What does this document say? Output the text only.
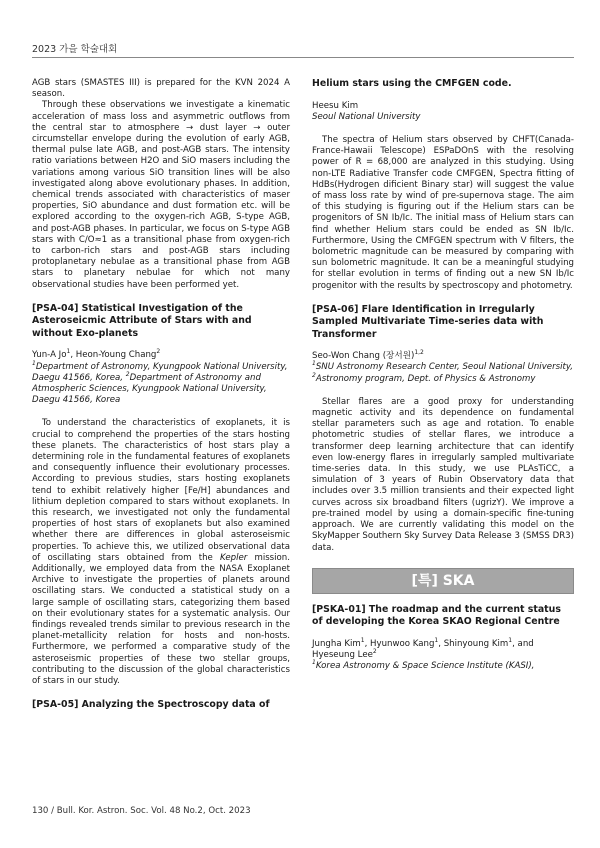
2023 가을 학술대회

AGB stars (SMASTES III) is prepared for the KVN 2024 A season.

Through these observations we investigate a kinematic acceleration of mass loss and asymmetric outflows from the central star to atmosphere → dust layer → outer circumstellar envelope during the evolution of early AGB, thermal pulse late AGB, and post-AGB stars. The intensity ratio variations between H2O and SiO masers including the variations among various SiO transition lines will be also investigated along above evolutionary phases. In addition, chemical trends associated with characteristics of maser properties, SiO abundance and dust formation etc. will be explored according to the oxygen-rich AGB, S-type AGB, and post-AGB phases. In particular, we focus on S-type AGB stars with C/O≈1 as a transitional phase from oxygen-rich to carbon-rich stars and post-AGB stars including protoplanetary nebulae as a transitional phase from AGB stars to planetary nebulae for which not many observational studies have been performed yet.

[PSA-04] Statistical Investigation of the Asteroseicmic Attribute of Stars with and without Exo-planets

Yun-A Jo$^1$, Heon-Young Chang$^2$

$^1$Department of Astronomy, Kyungpook National University, Daegu 41566, Korea, $^2$Department of Astronomy and Atmospheric Sciences, Kyungpook National University, Daegu 41566, Korea

To understand the characteristics of exoplanets, it is crucial to comprehend the properties of the stars hosting these planets. The characteristics of host stars play a determining role in the fundamental features of exoplanets and consequently influence their evolutionary processes. According to previous studies, stars hosting exoplanets tend to exhibit relatively higher [Fe/H] abundances and lithium depletion compared to stars without exoplanets. In this research, we investigated not only the fundamental properties of host stars of exoplanets but also examined whether there are differences in global asteroseismic properties. To achieve this, we utilized observational data of oscillating stars obtained from the Kepler mission. Additionally, we employed data from the NASA Exoplanet Archive to investigate the properties of planets around oscillating stars. We conducted a statistical study on a large sample of oscillating stars, categorizing them based on their evolutionary states for a systematic analysis. Our findings revealed trends similar to previous research in the planet-metallicity relation for hosts and non-hosts. Furthermore, we performed a comparative study of the asteroseismic properties of these two stellar groups, contributing to the discussion of the global characteristics of stars in our study.

[PSA-05] Analyzing the Spectroscopy data of

Helium stars using the CMFGEN code.

Heesu Kim

Seoul National University

The spectra of Helium stars observed by CHFT(Canada-France-Hawaii Telescope) ESPaDOnS with the resolving power of R = 68,000 are analyzed in this studying. Using non-LTE Radiative Transfer code CMFGEN, Spectra fitting of HdBs(Hydrogen dificient Binary star) will suggest the value of mass loss rate by wind of pre-supernova stage. The aim of this studying is figuring out if the Helium stars can be progenitors of SN Ib/Ic. The initial mass of Helium stars can find whether Helium stars could be ended as SN Ib/Ic. Furthermore, Using the CMFGEN spectrum with V filters, the bolometric magnitude can be measured by comparing with sun bolometric magnitude. It can be a meaningful studying for stellar evolution in terms of finding out a new SN Ib/Ic progenitor with the results by spectroscopy and photometry.

[PSA-06] Flare Identification in Irregularly Sampled Multivariate Time-series data with Transformer

Seo-Won Chang (장서원)$^{1,2}$

$^1$SNU Astronomy Research Center, Seoul National University, $^2$Astronomy program, Dept. of Physics & Astronomy

Stellar flares are a good proxy for understanding magnetic activity and its dependence on fundamental stellar parameters such as age and rotation. To enable photometric studies of stellar flares, we introduce a transformer deep learning architecture that can identify even low-energy flares in irregularly sampled multivariate time-series data. In this study, we use PLAsTiCC, a simulation of 3 years of Rubin Observatory data that includes over 3.5 million transients and their expected light curves across six broadband filters (ugrizY). We improve a pre-trained model by using a domain-specific fine-tuning approach. We are currently validating this model on the SkyMapper Southern Sky Survey Data Release 3 (SMSS DR3) data.

[특] SKA

[PSKA-01] The roadmap and the current status of developing the Korea SKAO Regional Centre

Jungha Kim$^1$, Hyunwoo Kang$^1$, Shinyoung Kim$^1$, and Hyeseung Lee$^2$

$^1$Korea Astronomy & Space Science Institute (KASI),

130 / Bull. Kor. Astron. Soc. Vol. 48 No.2, Oct. 2023
